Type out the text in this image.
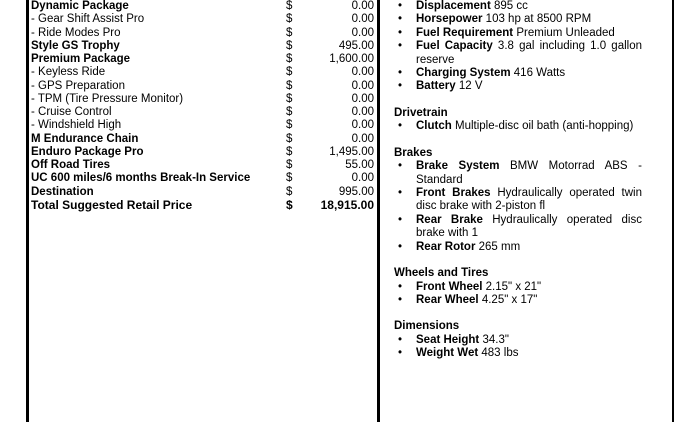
Dynamic Package	$	0.00
- Gear Shift Assist Pro	$	0.00
- Ride Modes Pro	$	0.00
Style GS Trophy	$	495.00
Premium Package	$	1,600.00
- Keyless Ride	$	0.00
- GPS Preparation	$	0.00
- TPM (Tire Pressure Monitor)	$	0.00
- Cruise Control	$	0.00
- Windshield High	$	0.00
M Endurance Chain	$	0.00
Enduro Package Pro	$	1,495.00
Off Road Tires	$	55.00
UC 600 miles/6 months Break-In Service	$	0.00
Destination	$	995.00
Total Suggested Retail Price	$ 18,915.00
• Displacement 895 cc
• Horsepower 103 hp at 8500 RPM
• Fuel Requirement Premium Unleaded
• Fuel Capacity 3.8 gal including 1.0 gallon reserve
• Charging System 416 Watts
• Battery 12 V
Drivetrain
• Clutch Multiple-disc oil bath (anti-hopping)
Brakes
• Brake System BMW Motorrad ABS - Standard
• Front Brakes Hydraulically operated twin disc brake with 2-piston fl
• Rear Brake Hydraulically operated disc brake with 1
• Rear Rotor 265 mm
Wheels and Tires
• Front Wheel 2.15" x 21"
• Rear Wheel 4.25" x 17"
Dimensions
• Seat Height 34.3"
• Weight Wet 483 lbs
